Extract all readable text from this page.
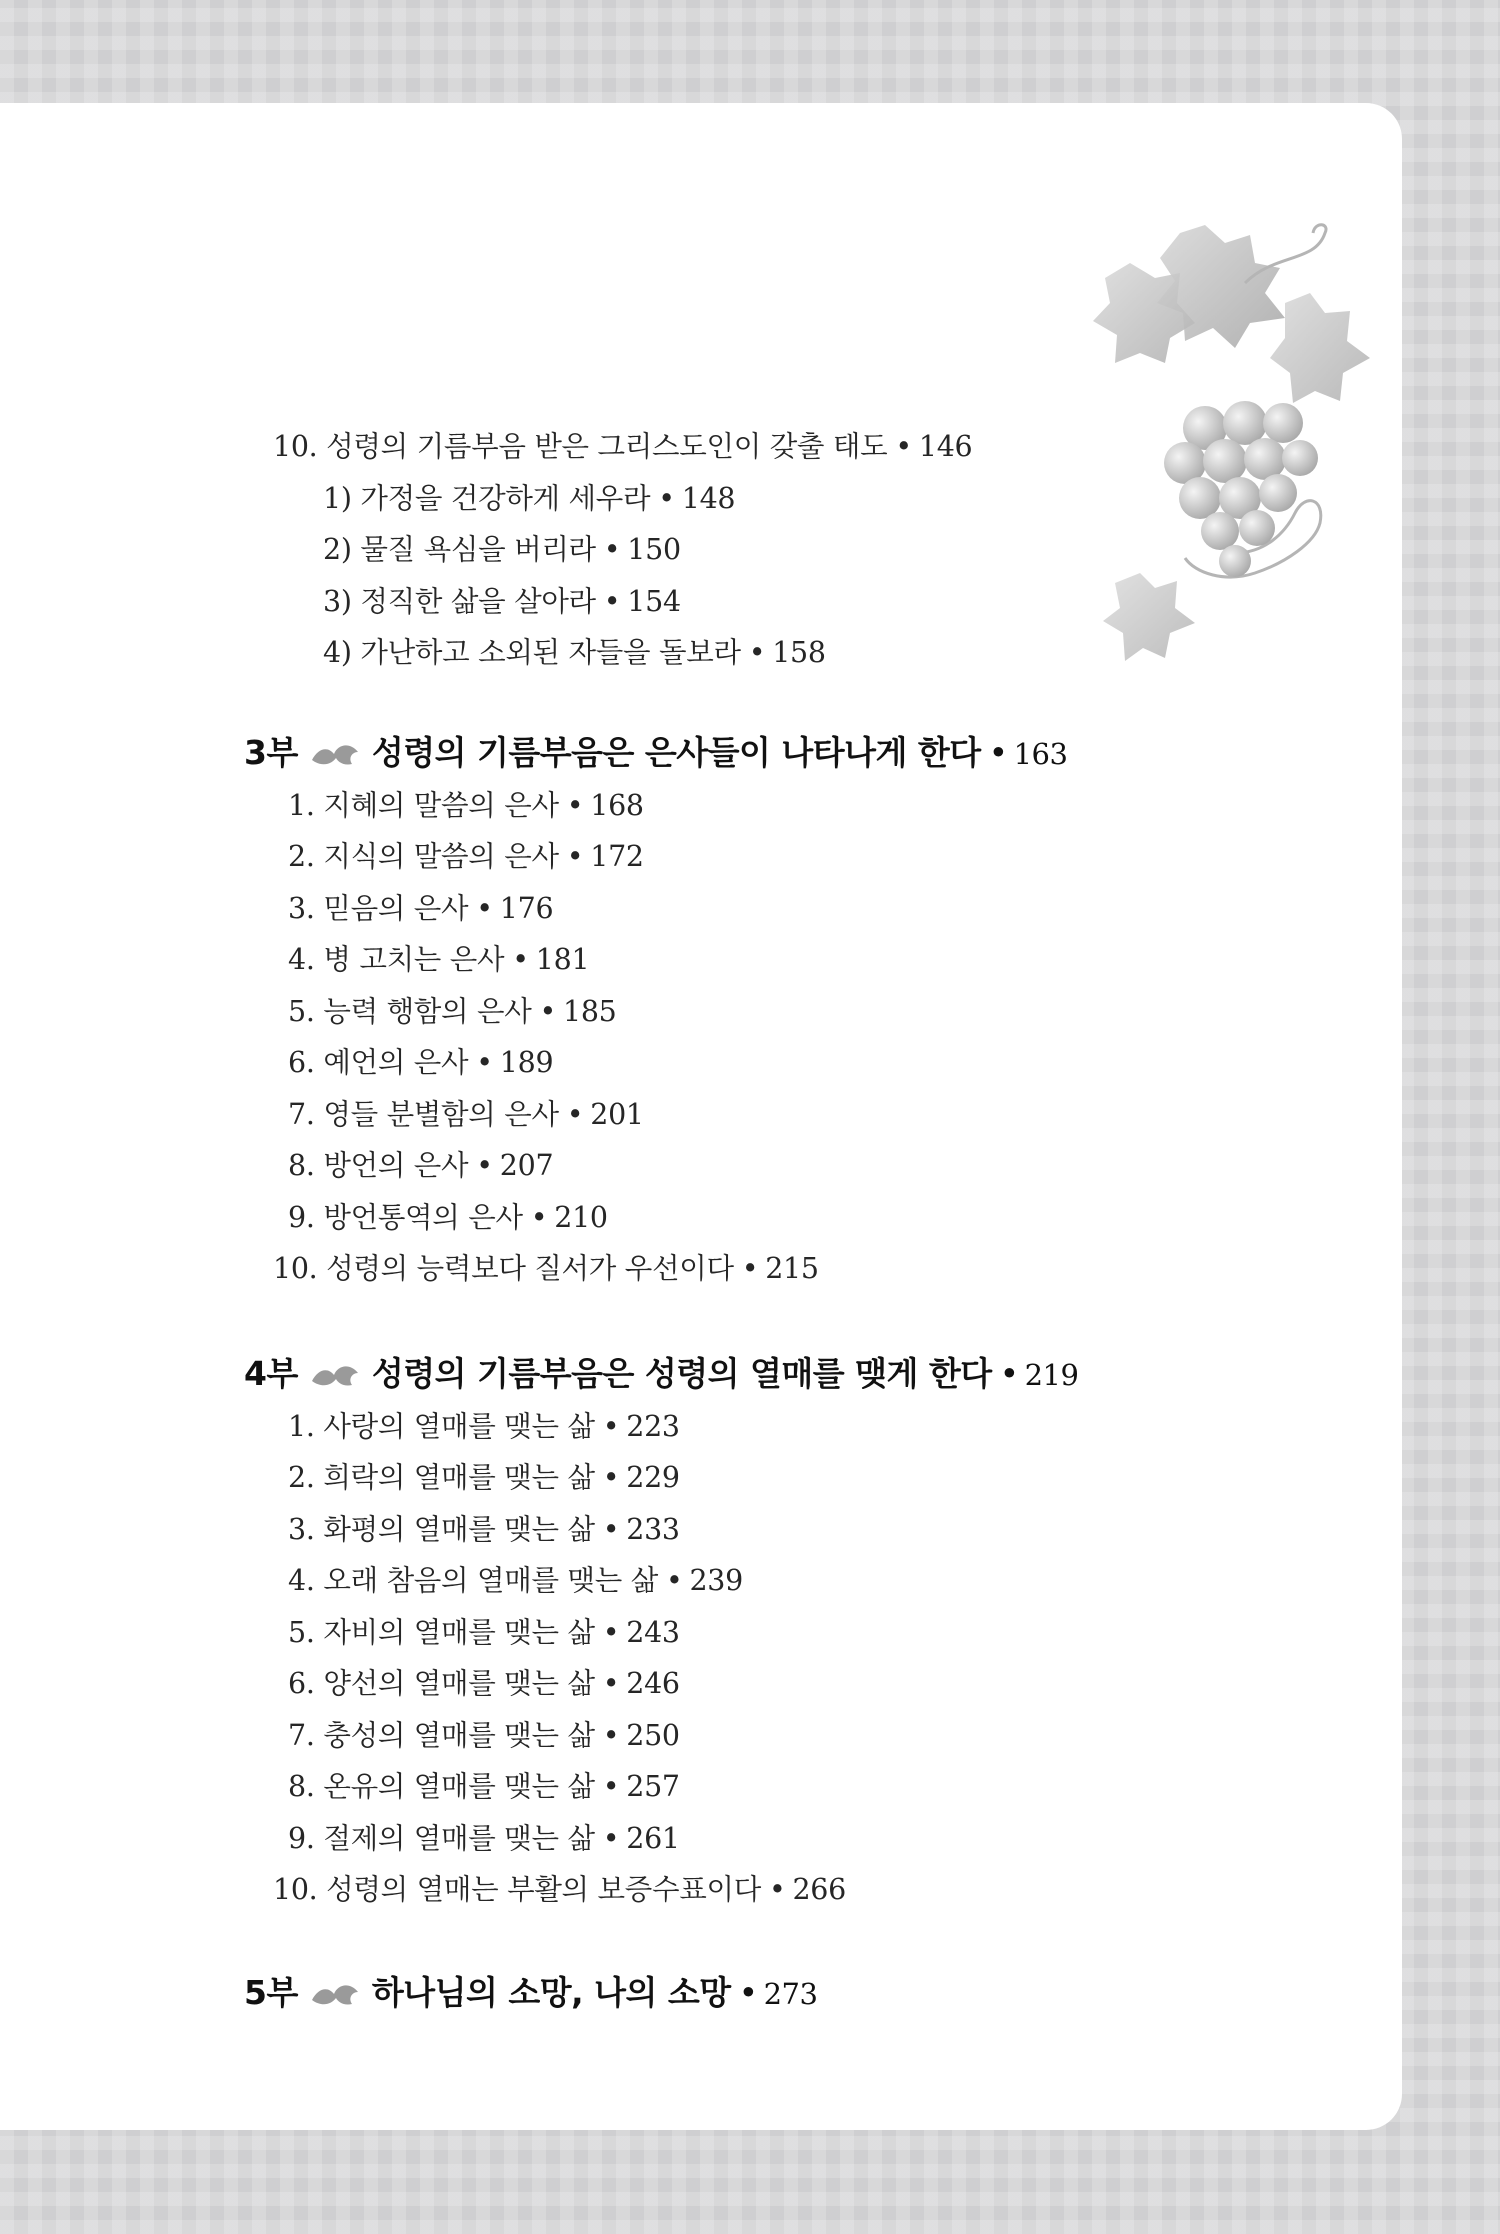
10. 성령의 기름부음 받은 그리스도인이 갖출 태도 • 146
1) 가정을 건강하게 세우라 • 148
2) 물질 욕심을 버리라 • 150
3) 정직한 삶을 살아라 • 154
4) 가난하고 소외된 자들을 돌보라 • 158
3부 성령의 기름부음은 은사들이 나타나게 한다 • 163
1. 지혜의 말씀의 은사 • 168
2. 지식의 말씀의 은사 • 172
3. 믿음의 은사 • 176
4. 병 고치는 은사 • 181
5. 능력 행함의 은사 • 185
6. 예언의 은사 • 189
7. 영들 분별함의 은사 • 201
8. 방언의 은사 • 207
9. 방언통역의 은사 • 210
10. 성령의 능력보다 질서가 우선이다 • 215
4부 성령의 기름부음은 성령의 열매를 맺게 한다 • 219
1. 사랑의 열매를 맺는 삶 • 223
2. 희락의 열매를 맺는 삶 • 229
3. 화평의 열매를 맺는 삶 • 233
4. 오래 참음의 열매를 맺는 삶 • 239
5. 자비의 열매를 맺는 삶 • 243
6. 양선의 열매를 맺는 삶 • 246
7. 충성의 열매를 맺는 삶 • 250
8. 온유의 열매를 맺는 삶 • 257
9. 절제의 열매를 맺는 삶 • 261
10. 성령의 열매는 부활의 보증수표이다 • 266
5부 하나님의 소망, 나의 소망 • 273
